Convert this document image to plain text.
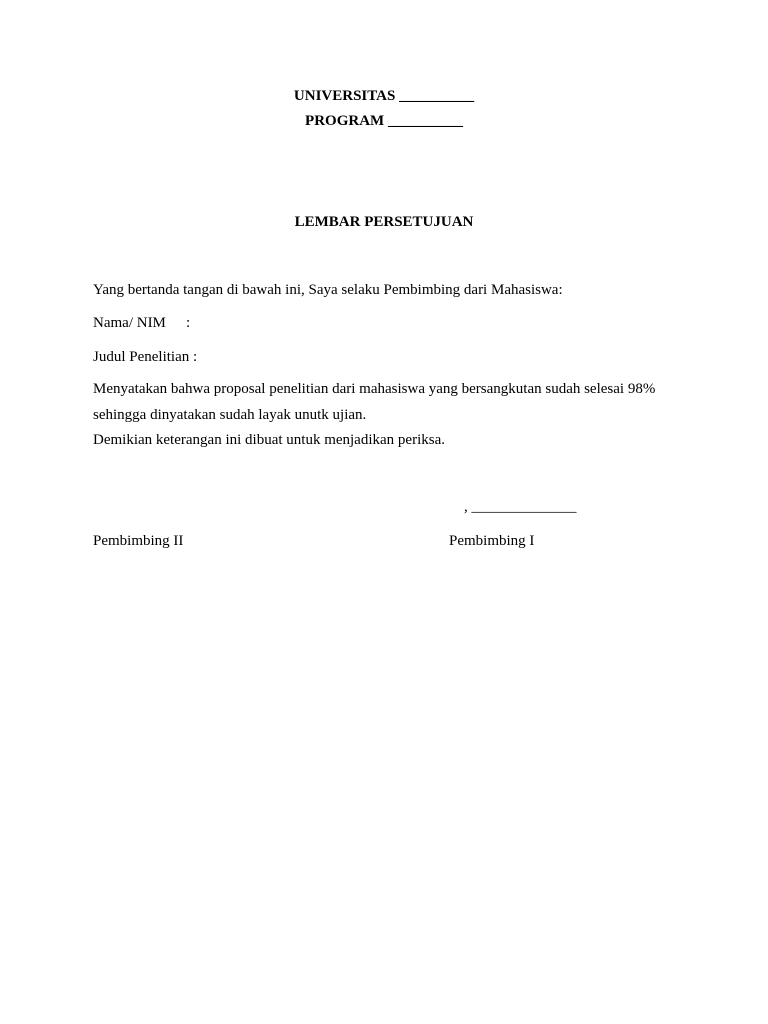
UNIVERSITAS __________
PROGRAM __________
LEMBAR PERSETUJUAN
Yang bertanda tangan di bawah ini, Saya selaku Pembimbing dari Mahasiswa:
Nama/ NIM :
Judul Penelitian :
Menyatakan bahwa proposal penelitian dari mahasiswa yang bersangkutan sudah selesai 98%
sehingga dinyatakan sudah layak unutk ujian.
Demikian keterangan ini dibuat untuk menjadikan periksa.
, ______________
Pembimbing II	Pembimbing I
